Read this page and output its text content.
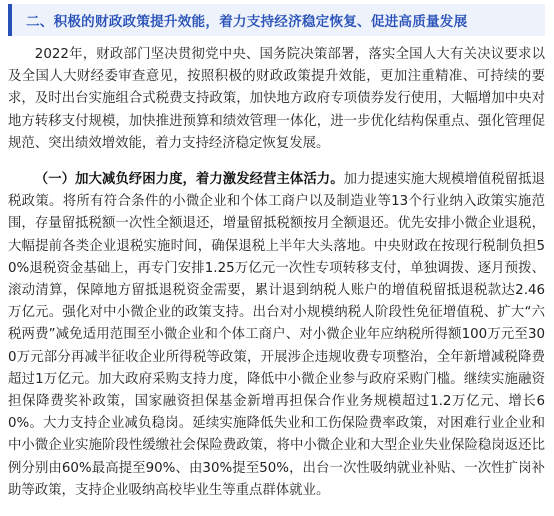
二、积极的财政政策提升效能，着力支持经济稳定恢复、促进高质量发展

2022年，财政部门坚决贯彻党中央、国务院决策部署，落实全国人大有关决议要求以及全国人大财经委审查意见，按照积极的财政政策提升效能，更加注重精准、可持续的要求，及时出台实施组合式税费支持政策，加快地方政府专项债券发行使用，大幅增加中央对地方转移支付规模，加快推进预算和绩效管理一体化，进一步优化结构保重点、强化管理促规范、突出绩效增效能，着力支持经济稳定恢复发展。

（一）加大减负纾困力度，着力激发经营主体活力。加力提速实施大规模增值税留抵退税政策。将所有符合条件的小微企业和个体工商户以及制造业等13个行业纳入政策实施范围，存量留抵税额一次性全额退还，增量留抵税额按月全额退还。优先安排小微企业退税，大幅提前各类企业退税实施时间，确保退税上半年大头落地。中央财政在按现行税制负担50%退税资金基础上，再专门安排1.25万亿元一次性专项转移支付，单独调拨、逐月预拨、滚动清算，保障地方留抵退税资金需要，累计退到纳税人账户的增值税留抵退税款达2.46万亿元。强化对中小微企业的政策支持。出台对小规模纳税人阶段性免征增值税、扩大“六税两费”减免适用范围至小微企业和个体工商户、对小微企业年应纳税所得额100万元至300万元部分再减半征收企业所得税等政策，开展涉企违规收费专项整治，全年新增减税降费超过1万亿元。加大政府采购支持力度，降低中小微企业参与政府采购门槛。继续实施融资担保降费奖补政策，国家融资担保基金新增再担保合作业务规模超过1.2万亿元、增长60%。大力支持企业减负稳岗。延续实施降低失业和工伤保险费率政策，对困难行业企业和中小微企业实施阶段性缓缴社会保险费政策，将中小微企业和大型企业失业保险稳岗返还比例分别由60%最高提至90%、由30%提至50%，出台一次性吸纳就业补贴、一次性扩岗补助等政策，支持企业吸纳高校毕业生等重点群体就业。
